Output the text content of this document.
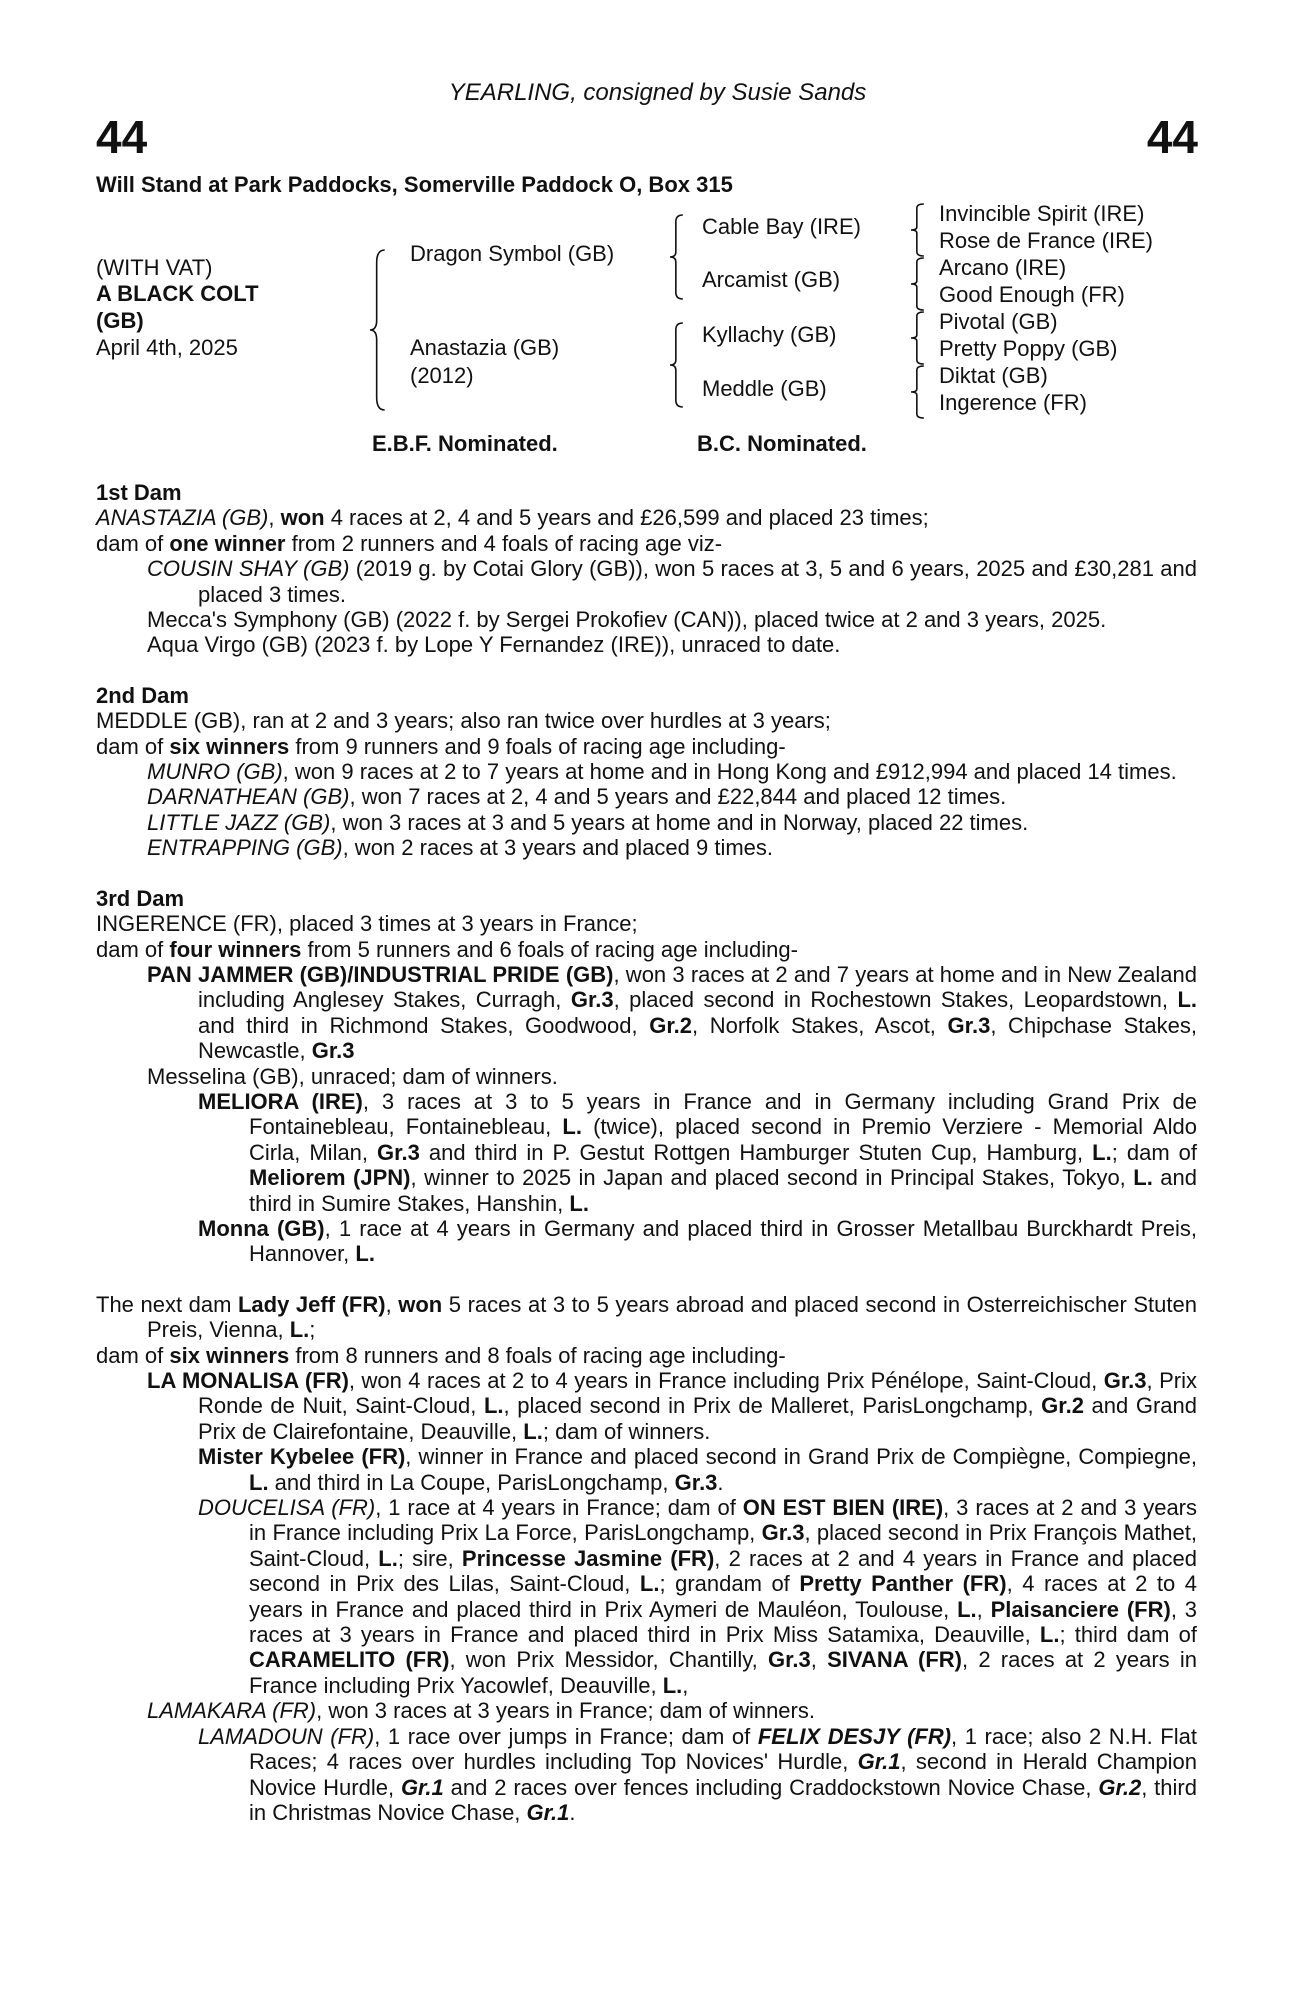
YEARLING, consigned by Susie Sands
44	44
Will Stand at Park Paddocks, Somerville Paddock O, Box 315
(WITH VAT)
A BLACK COLT
(GB)
April 4th, 2025
Dragon Symbol (GB)
Anastazia (GB)
(2012)
Cable Bay (IRE)
Arcamist (GB)
Kyllachy (GB)
Meddle (GB)
Invincible Spirit (IRE)
Rose de France (IRE)
Arcano (IRE)
Good Enough (FR)
Pivotal (GB)
Pretty Poppy (GB)
Diktat (GB)
Ingerence (FR)
E.B.F. Nominated.	B.C. Nominated.
1st Dam
ANASTAZIA (GB), won 4 races at 2, 4 and 5 years and £26,599 and placed 23 times;
dam of one winner from 2 runners and 4 foals of racing age viz-
COUSIN SHAY (GB) (2019 g. by Cotai Glory (GB)), won 5 races at 3, 5 and 6 years, 2025 and £30,281 and placed 3 times.
Mecca's Symphony (GB) (2022 f. by Sergei Prokofiev (CAN)), placed twice at 2 and 3 years, 2025.
Aqua Virgo (GB) (2023 f. by Lope Y Fernandez (IRE)), unraced to date.
2nd Dam
MEDDLE (GB), ran at 2 and 3 years; also ran twice over hurdles at 3 years;
dam of six winners from 9 runners and 9 foals of racing age including-
MUNRO (GB), won 9 races at 2 to 7 years at home and in Hong Kong and £912,994 and placed 14 times.
DARNATHEAN (GB), won 7 races at 2, 4 and 5 years and £22,844 and placed 12 times.
LITTLE JAZZ (GB), won 3 races at 3 and 5 years at home and in Norway, placed 22 times.
ENTRAPPING (GB), won 2 races at 3 years and placed 9 times.
3rd Dam
INGERENCE (FR), placed 3 times at 3 years in France;
dam of four winners from 5 runners and 6 foals of racing age including-
PAN JAMMER (GB)/INDUSTRIAL PRIDE (GB), won 3 races at 2 and 7 years at home and in New Zealand including Anglesey Stakes, Curragh, Gr.3, placed second in Rochestown Stakes, Leopardstown, L. and third in Richmond Stakes, Goodwood, Gr.2, Norfolk Stakes, Ascot, Gr.3, Chipchase Stakes, Newcastle, Gr.3
Messelina (GB), unraced; dam of winners.
MELIORA (IRE), 3 races at 3 to 5 years in France and in Germany including Grand Prix de Fontainebleau, Fontainebleau, L. (twice), placed second in Premio Verziere - Memorial Aldo Cirla, Milan, Gr.3 and third in P. Gestut Rottgen Hamburger Stuten Cup, Hamburg, L.; dam of Meliorem (JPN), winner to 2025 in Japan and placed second in Principal Stakes, Tokyo, L. and third in Sumire Stakes, Hanshin, L.
Monna (GB), 1 race at 4 years in Germany and placed third in Grosser Metallbau Burckhardt Preis, Hannover, L.
The next dam Lady Jeff (FR), won 5 races at 3 to 5 years abroad and placed second in Osterreichischer Stuten Preis, Vienna, L.;
dam of six winners from 8 runners and 8 foals of racing age including-
LA MONALISA (FR), won 4 races at 2 to 4 years in France including Prix Pénélope, Saint-Cloud, Gr.3, Prix Ronde de Nuit, Saint-Cloud, L., placed second in Prix de Malleret, ParisLongchamp, Gr.2 and Grand Prix de Clairefontaine, Deauville, L.; dam of winners.
Mister Kybelee (FR), winner in France and placed second in Grand Prix de Compiègne, Compiegne, L. and third in La Coupe, ParisLongchamp, Gr.3.
DOUCELISA (FR), 1 race at 4 years in France; dam of ON EST BIEN (IRE), 3 races at 2 and 3 years in France including Prix La Force, ParisLongchamp, Gr.3, placed second in Prix François Mathet, Saint-Cloud, L.; sire, Princesse Jasmine (FR), 2 races at 2 and 4 years in France and placed second in Prix des Lilas, Saint-Cloud, L.; grandam of Pretty Panther (FR), 4 races at 2 to 4 years in France and placed third in Prix Aymeri de Mauléon, Toulouse, L., Plaisanciere (FR), 3 races at 3 years in France and placed third in Prix Miss Satamixa, Deauville, L.; third dam of CARAMELITO (FR), won Prix Messidor, Chantilly, Gr.3, SIVANA (FR), 2 races at 2 years in France including Prix Yacowlef, Deauville, L.,
LAMAKARA (FR), won 3 races at 3 years in France; dam of winners.
LAMADOUN (FR), 1 race over jumps in France; dam of FELIX DESJY (FR), 1 race; also 2 N.H. Flat Races; 4 races over hurdles including Top Novices' Hurdle, Gr.1, second in Herald Champion Novice Hurdle, Gr.1 and 2 races over fences including Craddockstown Novice Chase, Gr.2, third in Christmas Novice Chase, Gr.1.
